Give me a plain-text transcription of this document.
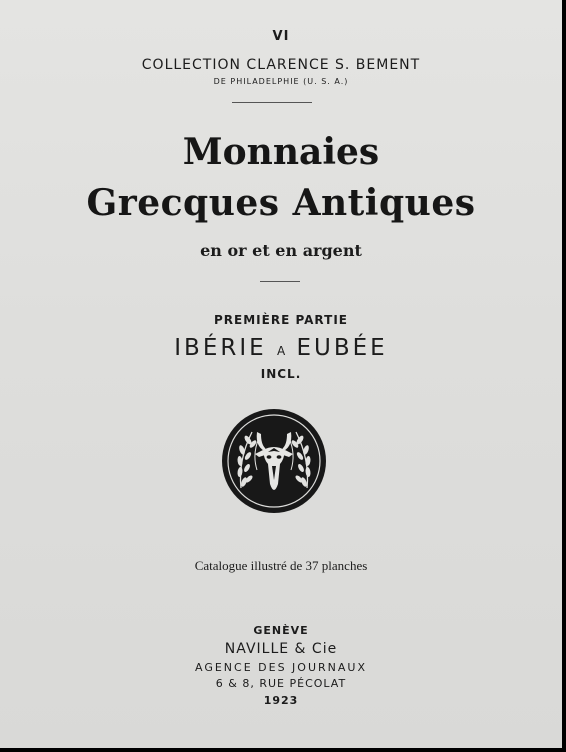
VI
COLLECTION CLARENCE S. BEMENT
DE PHILADELPHIE (U. S. A.)
Monnaies
Grecques Antiques
en or et en argent
PREMIÈRE PARTIE
IBÉRIE A EUBÉE
INCL.
Catalogue illustré de 37 planches
GENÈVE
NAVILLE & Cie
AGENCE DES JOURNAUX
6 & 8, RUE PÉCOLAT
1923
